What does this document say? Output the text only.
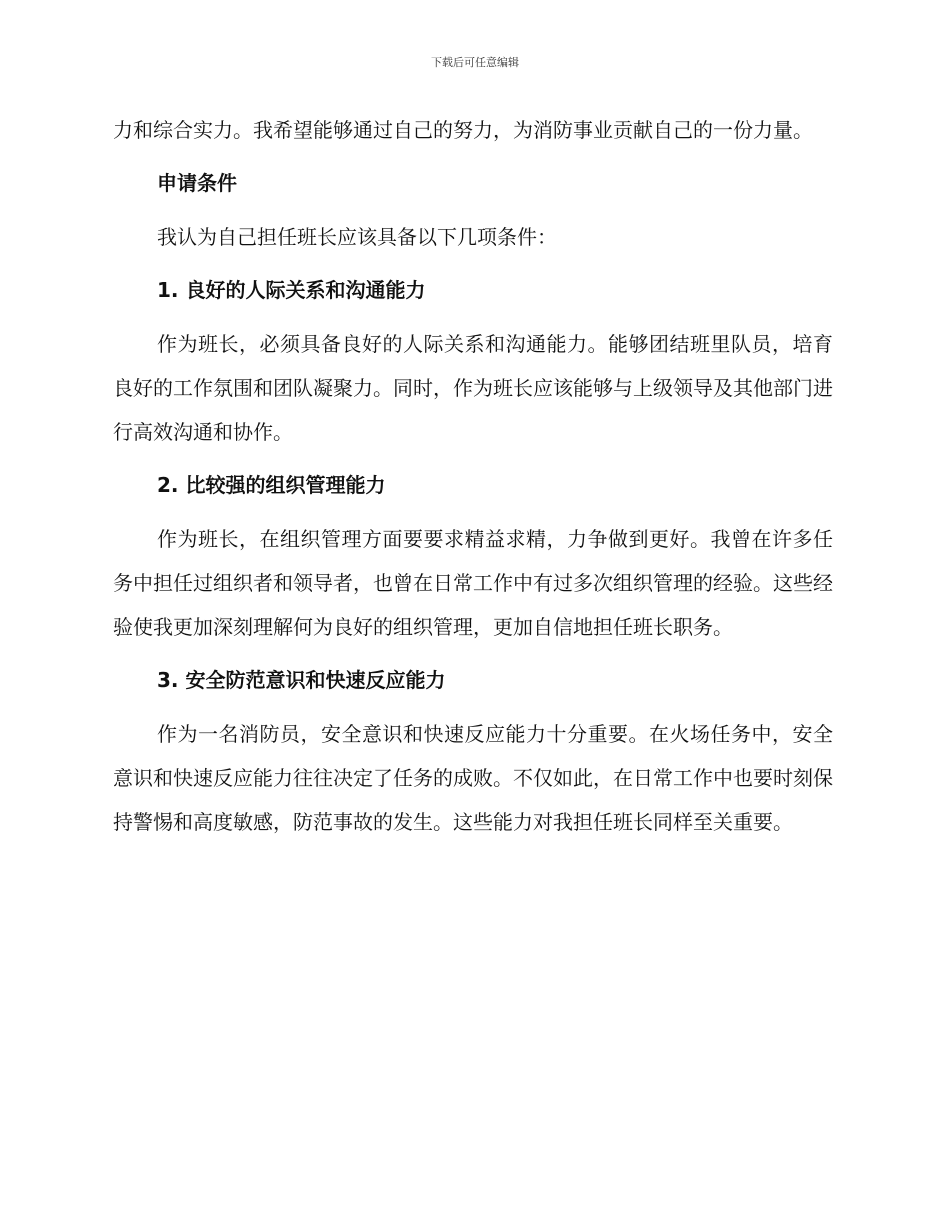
下载后可任意编辑

力和综合实力。我希望能够通过自己的努力，为消防事业贡献自己的一份力量。

申请条件

我认为自己担任班长应该具备以下几项条件：

1. 良好的人际关系和沟通能力

作为班长，必须具备良好的人际关系和沟通能力。能够团结班里队员，培育良好的工作氛围和团队凝聚力。同时，作为班长应该能够与上级领导及其他部门进行高效沟通和协作。

2. 比较强的组织管理能力

作为班长，在组织管理方面要要求精益求精，力争做到更好。我曾在许多任务中担任过组织者和领导者，也曾在日常工作中有过多次组织管理的经验。这些经验使我更加深刻理解何为良好的组织管理，更加自信地担任班长职务。

3. 安全防范意识和快速反应能力

作为一名消防员，安全意识和快速反应能力十分重要。在火场任务中，安全意识和快速反应能力往往决定了任务的成败。不仅如此，在日常工作中也要时刻保持警惕和高度敏感，防范事故的发生。这些能力对我担任班长同样至关重要。
